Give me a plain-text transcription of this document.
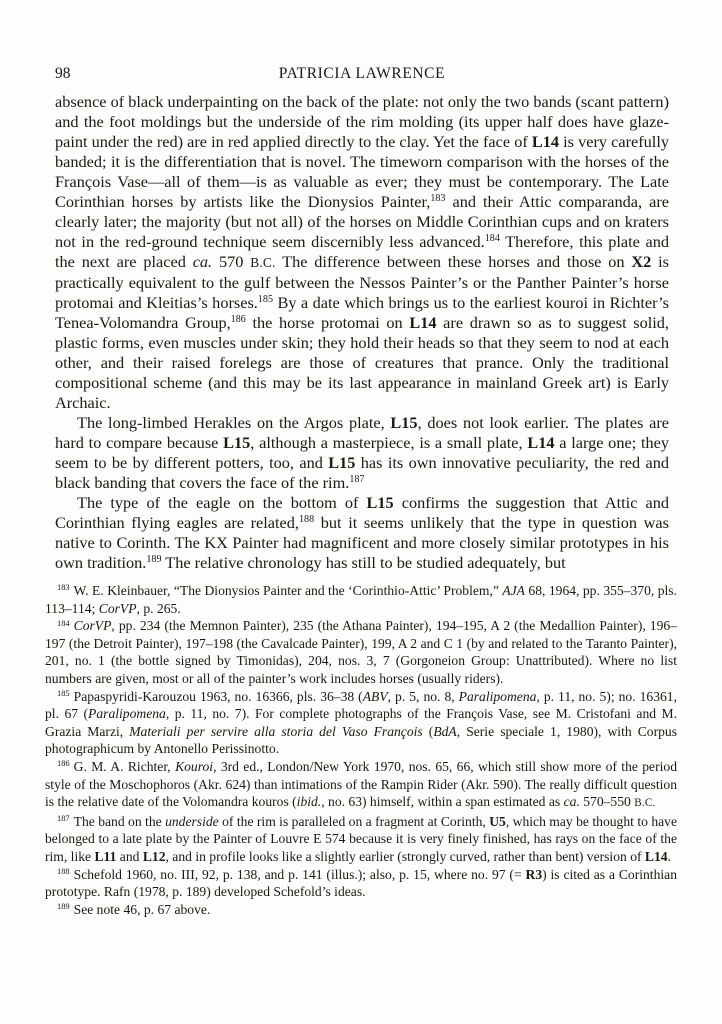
98	PATRICIA LAWRENCE

absence of black underpainting on the back of the plate: not only the two bands (scant pattern) and the foot moldings but the underside of the rim molding (its upper half does have glaze-paint under the red) are in red applied directly to the clay. Yet the face of L14 is very carefully banded; it is the differentiation that is novel. The timeworn comparison with the horses of the François Vase—all of them—is as valuable as ever; they must be contemporary. The Late Corinthian horses by artists like the Dionysios Painter,$^{183}$ and their Attic comparanda, are clearly later; the majority (but not all) of the horses on Middle Corinthian cups and on kraters not in the red-ground technique seem discernibly less advanced.$^{184}$ Therefore, this plate and the next are placed ca. 570 B.C. The difference between these horses and those on X2 is practically equivalent to the gulf between the Nessos Painter’s or the Panther Painter’s horse protomai and Kleitias’s horses.$^{185}$ By a date which brings us to the earliest kouroi in Richter’s Tenea-Volomandra Group,$^{186}$ the horse protomai on L14 are drawn so as to suggest solid, plastic forms, even muscles under skin; they hold their heads so that they seem to nod at each other, and their raised forelegs are those of creatures that prance. Only the traditional compositional scheme (and this may be its last appearance in mainland Greek art) is Early Archaic.

The long-limbed Herakles on the Argos plate, L15, does not look earlier. The plates are hard to compare because L15, although a masterpiece, is a small plate, L14 a large one; they seem to be by different potters, too, and L15 has its own innovative peculiarity, the red and black banding that covers the face of the rim.$^{187}$

The type of the eagle on the bottom of L15 confirms the suggestion that Attic and Corinthian flying eagles are related,$^{188}$ but it seems unlikely that the type in question was native to Corinth. The KX Painter had magnificent and more closely similar prototypes in his own tradition.$^{189}$ The relative chronology has still to be studied adequately, but

$^{183}$ W. E. Kleinbauer, “The Dionysios Painter and the ‘Corinthio-Attic’ Problem,” AJA 68, 1964, pp. 355–370, pls. 113–114; CorVP, p. 265.

$^{184}$ CorVP, pp. 234 (the Memnon Painter), 235 (the Athana Painter), 194–195, A 2 (the Medallion Painter), 196–197 (the Detroit Painter), 197–198 (the Cavalcade Painter), 199, A 2 and C 1 (by and related to the Taranto Painter), 201, no. 1 (the bottle signed by Timonidas), 204, nos. 3, 7 (Gorgoneion Group: Unattributed). Where no list numbers are given, most or all of the painter’s work includes horses (usually riders).

$^{185}$ Papaspyridi-Karouzou 1963, no. 16366, pls. 36–38 (ABV, p. 5, no. 8, Paralipomena, p. 11, no. 5); no. 16361, pl. 67 (Paralipomena, p. 11, no. 7). For complete photographs of the François Vase, see M. Cristofani and M. Grazia Marzi, Materiali per servire alla storia del Vaso François (BdA, Serie speciale 1, 1980), with Corpus photographicum by Antonello Perissinotto.

$^{186}$ G. M. A. Richter, Kouroi, 3rd ed., London/New York 1970, nos. 65, 66, which still show more of the period style of the Moschophoros (Akr. 624) than intimations of the Rampin Rider (Akr. 590). The really difficult question is the relative date of the Volomandra kouros (ibid., no. 63) himself, within a span estimated as ca. 570–550 B.C.

$^{187}$ The band on the underside of the rim is paralleled on a fragment at Corinth, U5, which may be thought to have belonged to a late plate by the Painter of Louvre E 574 because it is very finely finished, has rays on the face of the rim, like L11 and L12, and in profile looks like a slightly earlier (strongly curved, rather than bent) version of L14.

$^{188}$ Schefold 1960, no. III, 92, p. 138, and p. 141 (illus.); also, p. 15, where no. 97 (= R3) is cited as a Corinthian prototype. Rafn (1978, p. 189) developed Schefold’s ideas.

$^{189}$ See note 46, p. 67 above.
